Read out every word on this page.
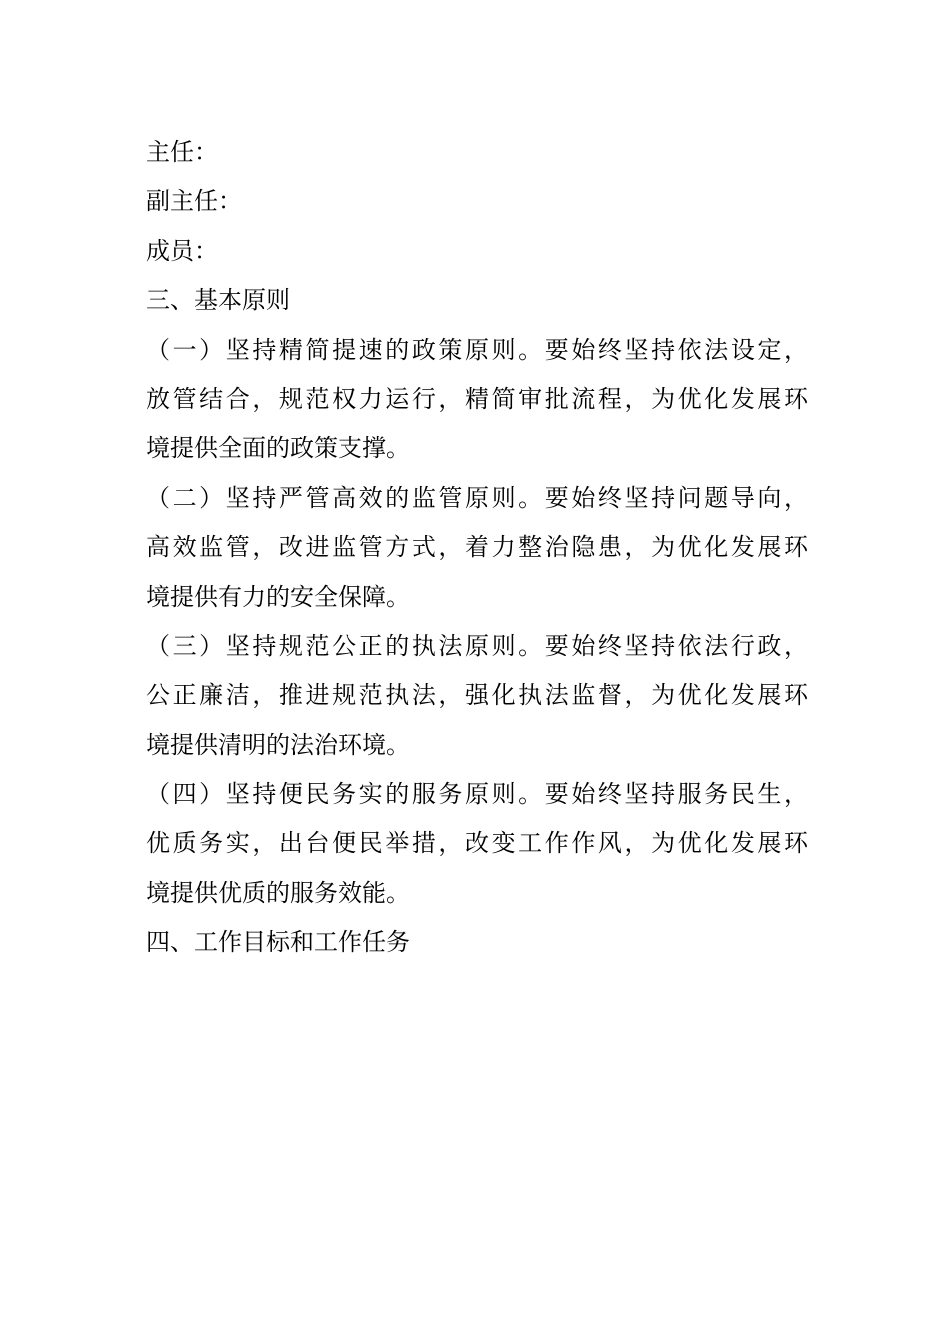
主任：
副主任：
成员：
三、基本原则
（一）坚持精简提速的政策原则。要始终坚持依法设定，
放管结合，规范权力运行，精简审批流程，为优化发展环
境提供全面的政策支撑。
（二）坚持严管高效的监管原则。要始终坚持问题导向，
高效监管，改进监管方式，着力整治隐患，为优化发展环
境提供有力的安全保障。
（三）坚持规范公正的执法原则。要始终坚持依法行政，
公正廉洁，推进规范执法，强化执法监督，为优化发展环
境提供清明的法治环境。
（四）坚持便民务实的服务原则。要始终坚持服务民生，
优质务实，出台便民举措，改变工作作风，为优化发展环
境提供优质的服务效能。
四、工作目标和工作任务
